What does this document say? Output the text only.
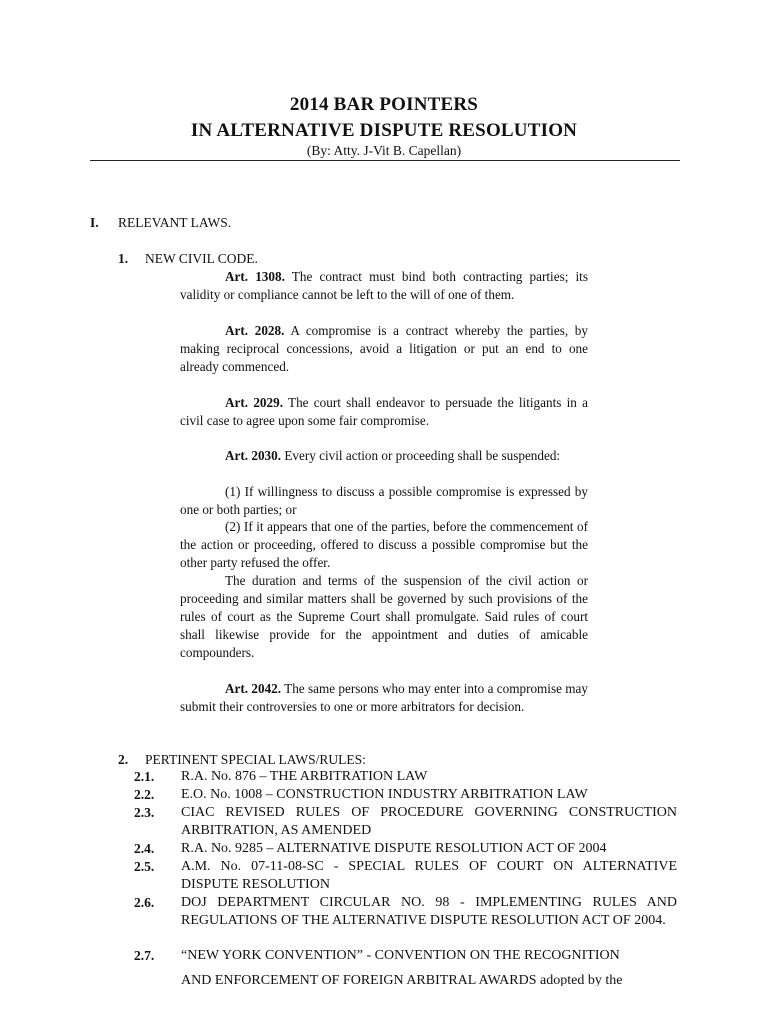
2014 BAR POINTERS
IN ALTERNATIVE DISPUTE RESOLUTION
(By: Atty. J-Vit B. Capellan)
I. RELEVANT LAWS.
1. NEW CIVIL CODE.
Art. 1308. The contract must bind both contracting parties; its validity or compliance cannot be left to the will of one of them.
Art. 2028. A compromise is a contract whereby the parties, by making reciprocal concessions, avoid a litigation or put an end to one already commenced.
Art. 2029. The court shall endeavor to persuade the litigants in a civil case to agree upon some fair compromise.
Art. 2030. Every civil action or proceeding shall be suspended:
(1) If willingness to discuss a possible compromise is expressed by one or both parties; or
(2) If it appears that one of the parties, before the commencement of the action or proceeding, offered to discuss a possible compromise but the other party refused the offer.
The duration and terms of the suspension of the civil action or proceeding and similar matters shall be governed by such provisions of the rules of court as the Supreme Court shall promulgate. Said rules of court shall likewise provide for the appointment and duties of amicable compounders.
Art. 2042. The same persons who may enter into a compromise may submit their controversies to one or more arbitrators for decision.
2. PERTINENT SPECIAL LAWS/RULES:
2.1. R.A. No. 876 – THE ARBITRATION LAW
2.2. E.O. No. 1008 – CONSTRUCTION INDUSTRY ARBITRATION LAW
2.3. CIAC REVISED RULES OF PROCEDURE GOVERNING CONSTRUCTION ARBITRATION, AS AMENDED
2.4. R.A. No. 9285 – ALTERNATIVE DISPUTE RESOLUTION ACT OF 2004
2.5. A.M. No. 07-11-08-SC - SPECIAL RULES OF COURT ON ALTERNATIVE DISPUTE RESOLUTION
2.6. DOJ DEPARTMENT CIRCULAR NO. 98 - IMPLEMENTING RULES AND REGULATIONS OF THE ALTERNATIVE DISPUTE RESOLUTION ACT OF 2004.
2.7. “NEW YORK CONVENTION” - CONVENTION ON THE RECOGNITION
AND ENFORCEMENT OF FOREIGN ARBITRAL AWARDS adopted by the
